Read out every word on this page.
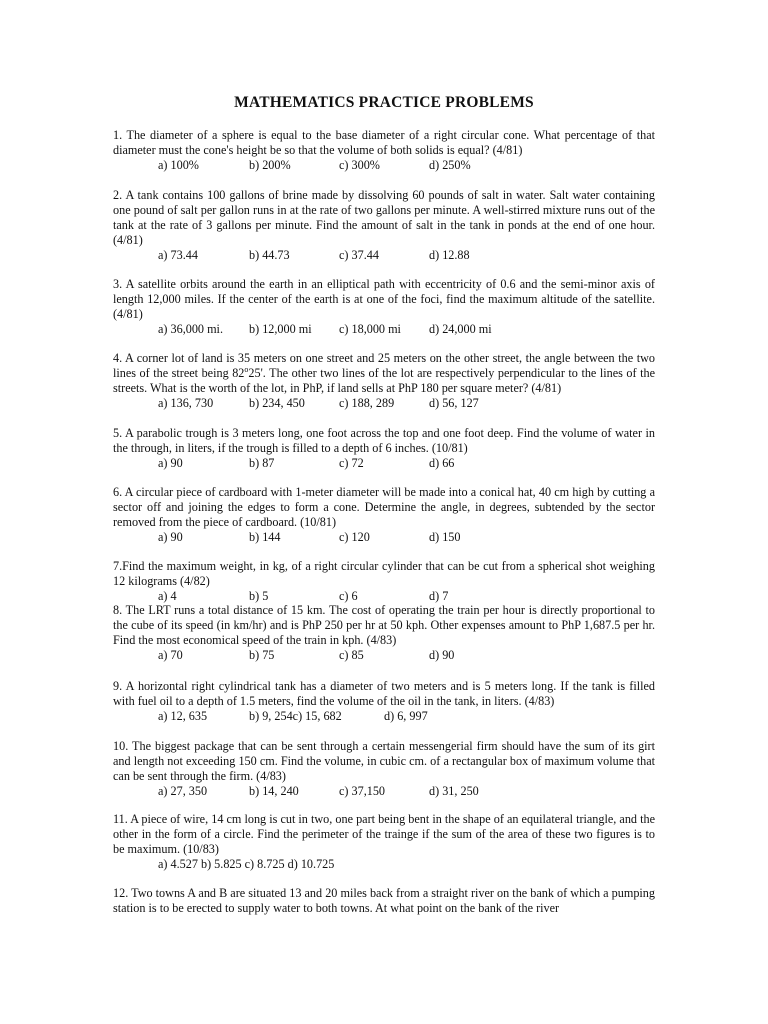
MATHEMATICS PRACTICE PROBLEMS

1. The diameter of a sphere is equal to the base diameter of a right circular cone. What percentage of that diameter must the cone's height be so that the volume of both solids is equal? (4/81)

a) 100%	b) 200%	c) 300%	d) 250%

2. A tank contains 100 gallons of brine made by dissolving 60 pounds of salt in water. Salt water containing one pound of salt per gallon runs in at the rate of two gallons per minute. A well-stirred mixture runs out of the tank at the rate of 3 gallons per minute. Find the amount of salt in the tank in ponds at the end of one hour. (4/81)

a) 73.44	b) 44.73	c) 37.44	d) 12.88

3. A satellite orbits around the earth in an elliptical path with eccentricity of 0.6 and the semi-minor axis of length 12,000 miles. If the center of the earth is at one of the foci, find the maximum altitude of the satellite. (4/81)

a) 36,000 mi. b) 12,000 mi c) 18,000 mi d) 24,000 mi

4. A corner lot of land is 35 meters on one street and 25 meters on the other street, the angle between the two lines of the street being 82$^o$25'. The other two lines of the lot are respectively perpendicular to the lines of the streets. What is the worth of the lot, in PhP, if land sells at PhP 180 per square meter? (4/81)

a) 136, 730	b) 234, 450	c) 188, 289	d) 56, 127

5. A parabolic trough is 3 meters long, one foot across the top and one foot deep. Find the volume of water in the through, in liters, if the trough is filled to a depth of 6 inches. (10/81)

a) 90	b) 87	c) 72	d) 66

6. A circular piece of cardboard with 1-meter diameter will be made into a conical hat, 40 cm high by cutting a sector off and joining the edges to form a cone. Determine the angle, in degrees, subtended by the sector removed from the piece of cardboard. (10/81)

a) 90	b) 144	c) 120	d) 150

7.Find the maximum weight, in kg, of a right circular cylinder that can be cut from a spherical shot weighing 12 kilograms (4/82)

a) 4	b) 5	c) 6	d) 7

8. The LRT runs a total distance of 15 km. The cost of operating the train per hour is directly proportional to the cube of its speed (in km/hr) and is PhP 250 per hr at 50 kph. Other expenses amount to PhP 1,687.5 per hr. Find the most economical speed of the train in kph. (4/83)

a) 70	b) 75	c) 85	d) 90

9. A horizontal right cylindrical tank has a diameter of two meters and is 5 meters long. If the tank is filled with fuel oil to a depth of 1.5 meters, find the volume of the oil in the tank, in liters. (4/83)

a) 12, 635	b) 9, 254c) 15, 682	d) 6, 997

10. The biggest package that can be sent through a certain messengerial firm should have the sum of its girt and length not exceeding 150 cm. Find the volume, in cubic cm. of a rectangular box of maximum volume that can be sent through the firm. (4/83)

a) 27, 350	b) 14, 240	c) 37,150	d) 31, 250

11. A piece of wire, 14 cm long is cut in two, one part being bent in the shape of an equilateral triangle, and the other in the form of a circle. Find the perimeter of the trainge if the sum of the area of these two figures is to be maximum. (10/83)

a) 4.527 b) 5.825 c) 8.725 d) 10.725

12. Two towns A and B are situated 13 and 20 miles back from a straight river on the bank of which a pumping station is to be erected to supply water to both towns. At what point on the bank of the river
